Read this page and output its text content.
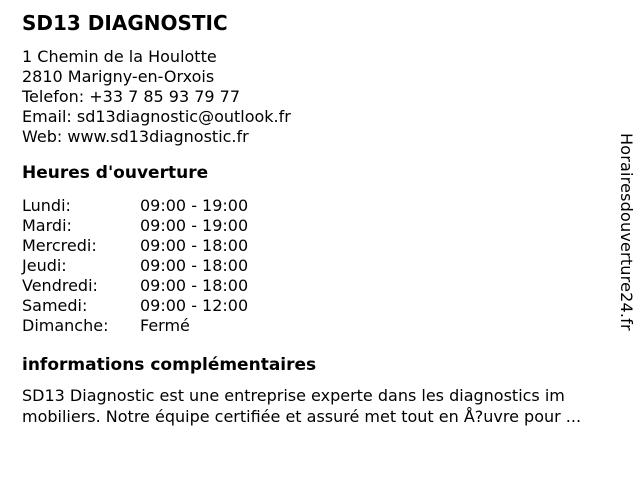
SD13 DIAGNOSTIC
1 Chemin de la Houlotte
2810 Marigny-en-Orxois
Telefon: +33 7 85 93 79 77
Email: sd13diagnostic@outlook.fr
Web: www.sd13diagnostic.fr
Heures d'ouverture
Lundi:	09:00 - 19:00
Mardi:	09:00 - 19:00
Mercredi:	09:00 - 18:00
Jeudi:	09:00 - 18:00
Vendredi:	09:00 - 18:00
Samedi:	09:00 - 12:00
Dimanche: Fermé
informations complémentaires
SD13 Diagnostic est une entreprise experte dans les diagnostics im
mobiliers. Notre équipe certifiée et assuré met tout en Å?uvre pour ...
Horairesdouverture24.fr
